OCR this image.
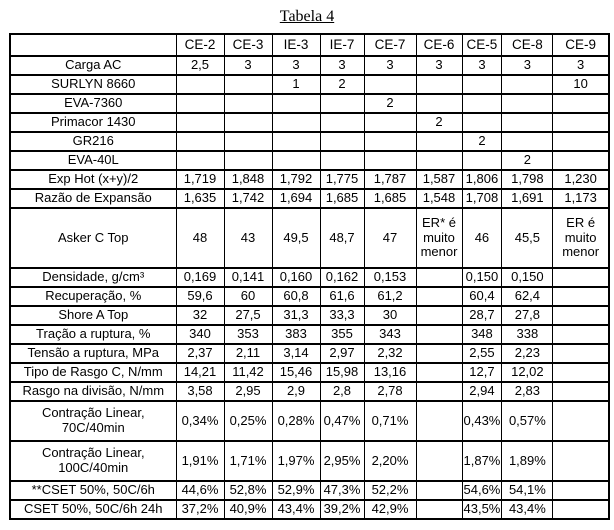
Tabela 4
	CE-2	CE-3	IE-3	IE-7	CE-7	CE-6	CE-5	CE-8	CE-9
Carga AC	2,5	3	3	3	3	3	3	3	3
SURLYN 8660			1	2					10
EVA-7360					2				
Primacor 1430						2			
GR216							2		
EVA-40L								2	
Exp Hot (x+y)/2	1,719	1,848	1,792	1,775	1,787	1,587	1,806	1,798	1,230
Razão de Expansão	1,635	1,742	1,694	1,685	1,685	1,548	1,708	1,691	1,173
Asker C Top	48	43	49,5	48,7	47	ER* é
muito
menor	46	45,5	ER é
muito
menor
Densidade, g/cm³	0,169	0,141	0,160	0,162	0,153		0,150	0,150	
Recuperação, %	59,6	60	60,8	61,6	61,2		60,4	62,4	
Shore A Top	32	27,5	31,3	33,3	30		28,7	27,8	
Tração a ruptura, %	340	353	383	355	343		348	338	
Tensão a ruptura, MPa	2,37	2,11	3,14	2,97	2,32		2,55	2,23	
Tipo de Rasgo C, N/mm	14,21	11,42	15,46	15,98	13,16		12,7	12,02	
Rasgo na divisão, N/mm	3,58	2,95	2,9	2,8	2,78		2,94	2,83	
Contração Linear,
70C/40min	0,34%	0,25%	0,28%	0,47%	0,71%		0,43%	0,57%	
Contração Linear,
100C/40min	1,91%	1,71%	1,97%	2,95%	2,20%		1,87%	1,89%	
**CSET 50%, 50C/6h	44,6%	52,8%	52,9%	47,3%	52,2%		54,6%	54,1%	
CSET 50%, 50C/6h 24h	37,2%	40,9%	43,4%	39,2%	42,9%		43,5%	43,4%	
